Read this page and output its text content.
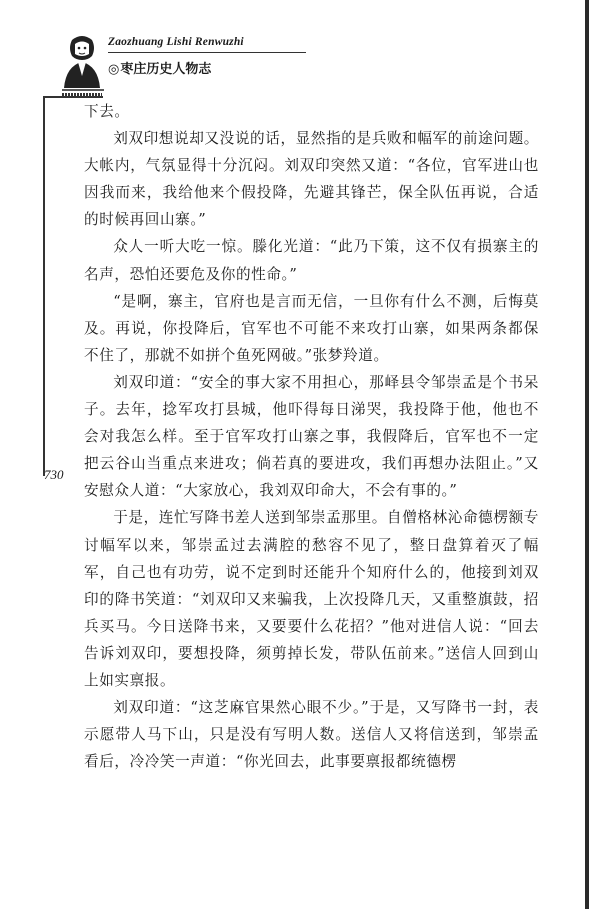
Zaozhuang Lishi Renwuzhi
◎枣庄历史人物志
730

下去。

刘双印想说却又没说的话，显然指的是兵败和幅军的前途问题。大帐内，气氛显得十分沉闷。刘双印突然又道：“各位，官军进山也因我而来，我给他来个假投降，先避其锋芒，保全队伍再说，合适的时候再回山寨。”

众人一听大吃一惊。滕化光道：“此乃下策，这不仅有损寨主的名声，恐怕还要危及你的性命。”

“是啊，寨主，官府也是言而无信，一旦你有什么不测，后悔莫及。再说，你投降后，官军也不可能不来攻打山寨，如果两条都保不住了，那就不如拼个鱼死网破。”张梦羚道。

刘双印道：“安全的事大家不用担心，那峄县令邹崇孟是个书呆子。去年，捻军攻打县城，他吓得每日涕哭，我投降于他，他也不会对我怎么样。至于官军攻打山寨之事，我假降后，官军也不一定把云谷山当重点来进攻；倘若真的要进攻，我们再想办法阻止。”又安慰众人道：“大家放心，我刘双印命大，不会有事的。”

于是，连忙写降书差人送到邹崇孟那里。自僧格林沁命德楞额专讨幅军以来，邹崇孟过去满腔的愁容不见了，整日盘算着灭了幅军，自己也有功劳，说不定到时还能升个知府什么的，他接到刘双印的降书笑道：“刘双印又来骗我，上次投降几天，又重整旗鼓，招兵买马。今日送降书来，又要要什么花招？”他对进信人说：“回去告诉刘双印，要想投降，须剪掉长发，带队伍前来。”送信人回到山上如实禀报。

刘双印道：“这芝麻官果然心眼不少。”于是，又写降书一封，表示愿带人马下山，只是没有写明人数。送信人又将信送到，邹崇孟看后，冷冷笑一声道：“你光回去，此事要禀报都统德楞
